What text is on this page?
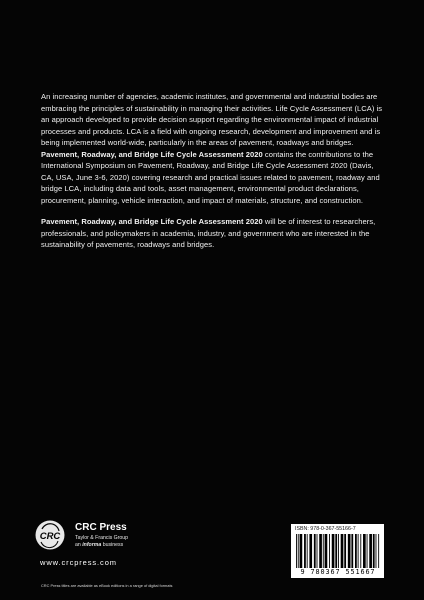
An increasing number of agencies, academic institutes, and governmental and industrial bodies are embracing the principles of sustainability in managing their activities. Life Cycle Assessment (LCA) is an approach developed to provide decision support regarding the environmental impact of industrial processes and products. LCA is a field with ongoing research, development and improvement and is being implemented world-wide, particularly in the areas of pavement, roadways and bridges. Pavement, Roadway, and Bridge Life Cycle Assessment 2020 contains the contributions to the International Symposium on Pavement, Roadway, and Bridge Life Cycle Assessment 2020 (Davis, CA, USA, June 3-6, 2020) covering research and practical issues related to pavement, roadway and bridge LCA, including data and tools, asset management, environmental product declarations, procurement, planning, vehicle interaction, and impact of materials, structure, and construction.

Pavement, Roadway, and Bridge Life Cycle Assessment 2020 will be of interest to researchers, professionals, and policymakers in academia, industry, and government who are interested in the sustainability of pavements, roadways and bridges.

CRC
CRC Press
Taylor & Francis Group
an informa business
www.crcpress.com
CRC Press titles are available as eBook editions in a range of digital formats
ISBN: 978-0-367-55166-7
9 780367 551667
